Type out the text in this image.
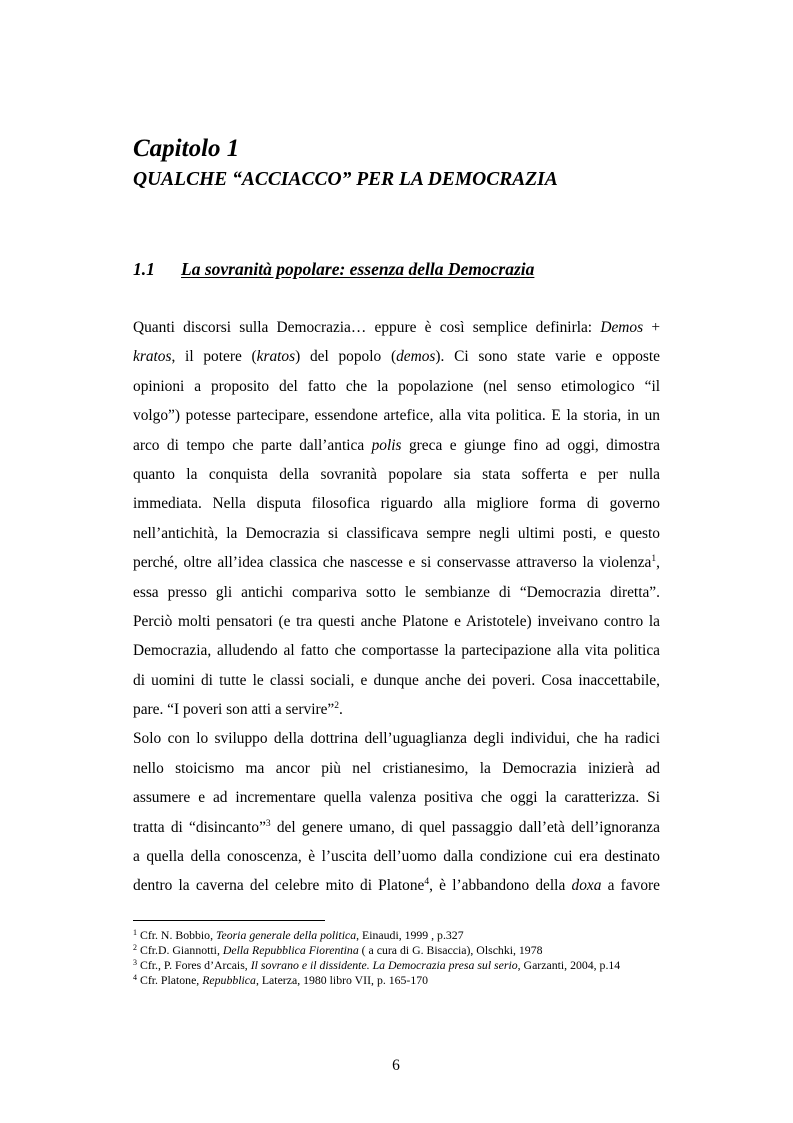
Capitolo 1
QUALCHE “ACCIACCO” PER LA DEMOCRAZIA
1.1 La sovranità popolare: essenza della Democrazia

Quanti discorsi sulla Democrazia… eppure è così semplice definirla: Demos +
kratos, il potere (kratos) del popolo (demos). Ci sono state varie e opposte
opinioni a proposito del fatto che la popolazione (nel senso etimologico “il
volgo”) potesse partecipare, essendone artefice, alla vita politica. E la storia, in un
arco di tempo che parte dall’antica polis greca e giunge fino ad oggi, dimostra
quanto la conquista della sovranità popolare sia stata sofferta e per nulla
immediata. Nella disputa filosofica riguardo alla migliore forma di governo
nell’antichità, la Democrazia si classificava sempre negli ultimi posti, e questo
perché, oltre all’idea classica che nascesse e si conservasse attraverso la violenza$^1$,
essa presso gli antichi compariva sotto le sembianze di “Democrazia diretta”.
Perciò molti pensatori (e tra questi anche Platone e Aristotele) inveivano contro la
Democrazia, alludendo al fatto che comportasse la partecipazione alla vita politica
di uomini di tutte le classi sociali, e dunque anche dei poveri. Cosa inaccettabile,
pare. “I poveri son atti a servire”$^2$.

Solo con lo sviluppo della dottrina dell’uguaglianza degli individui, che ha radici
nello stoicismo ma ancor più nel cristianesimo, la Democrazia inizierà ad
assumere e ad incrementare quella valenza positiva che oggi la caratterizza. Si
tratta di “disincanto”$^3$ del genere umano, di quel passaggio dall’età dell’ignoranza
a quella della conoscenza, è l’uscita dell’uomo dalla condizione cui era destinato
dentro la caverna del celebre mito di Platone$^4$, è l’abbandono della doxa a favore

$^1$ Cfr. N. Bobbio, Teoria generale della politica, Einaudi, 1999 , p.327
$^2$ Cfr.D. Giannotti, Della Repubblica Fiorentina ( a cura di G. Bisaccia), Olschki, 1978
$^3$ Cfr., P. Fores d’Arcais, Il sovrano e il dissidente. La Democrazia presa sul serio, Garzanti, 2004, p.14
$^4$ Cfr. Platone, Repubblica, Laterza, 1980 libro VII, p. 165-170
6
